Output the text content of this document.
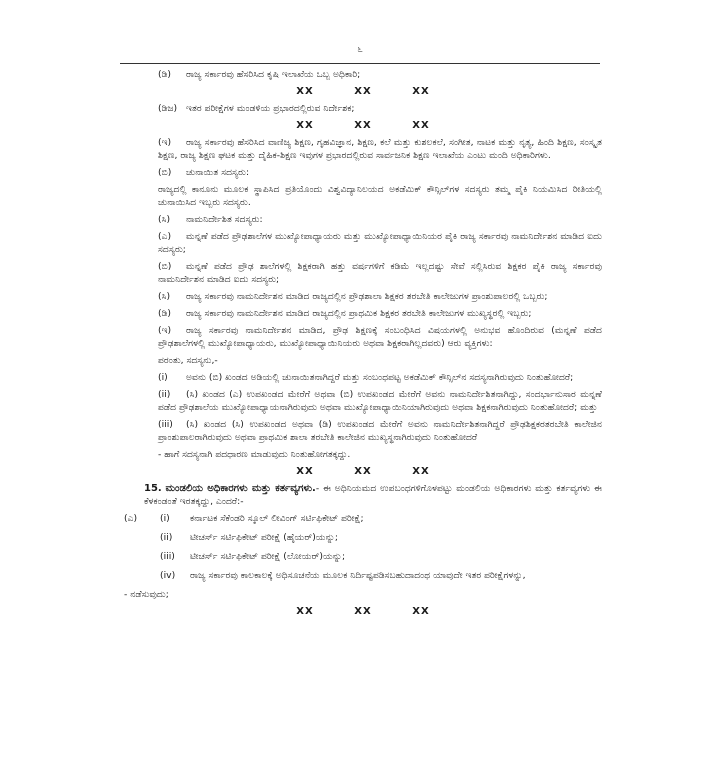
೬

(ಡಿ) ರಾಜ್ಯ ಸರ್ಕಾರವು ಹೆಸರಿಸಿದ ಕೃಷಿ ಇಲಾಖೆಯ ಒಬ್ಬ ಅಧಿಕಾರಿ;

XX	XX	XX

(ಡಿಜ) ಇತರ ಪರೀಕ್ಷೆಗಳ ಮಂಡಳಿಯ ಪ್ರಭಾರದಲ್ಲಿರುವ ನಿರ್ದೇಶಕ;

XX	XX	XX

(ಇ) ರಾಜ್ಯ ಸರ್ಕಾರವು ಹೆಸರಿಸಿದ ವಾಣಿಜ್ಯ ಶಿಕ್ಷಣ, ಗೃಹವಿಜ್ಞಾನ, ಶಿಕ್ಷಣ, ಕಲೆ ಮತ್ತು ಕುಶಲಕಲೆ, ಸಂಗೀತ, ನಾಟಕ ಮತ್ತು ನೃತ್ಯ, ಹಿಂದಿ ಶಿಕ್ಷಣ, ಸಂಸ್ಕೃತ ಶಿಕ್ಷಣ, ರಾಜ್ಯ ಶಿಕ್ಷಣ ಘಟಕ ಮತ್ತು ದೈಹಿಕ-ಶಿಕ್ಷಣ ಇವುಗಳ ಪ್ರಭಾರದಲ್ಲಿರುವ ಸಾರ್ವಜನಿಕ ಶಿಕ್ಷಣ ಇಲಾಖೆಯ ಎಂಟು ಮಂದಿ ಅಧಿಕಾರಿಗಳು.

(ಬಿ) ಚುನಾಯಿತ ಸದಸ್ಯರು:

ರಾಜ್ಯದಲ್ಲಿ ಕಾನೂನು ಮೂಲಕ ಸ್ಥಾಪಿಸಿದ ಪ್ರತಿಯೊಂದು ವಿಶ್ವವಿದ್ಯಾನಿಲಯದ ಅಕಡೆಮಿಕ್ ಕೌನ್ಸಿಲ್‌ಗಳ ಸದಸ್ಯರು ತಮ್ಮ ಪೈಕಿ ನಿಯಮಿಸಿದ ರೀತಿಯಲ್ಲಿ ಚುನಾಯಿಸಿದ ಇಬ್ಬರು ಸದಸ್ಯರು.

(ಸಿ) ನಾಮನಿರ್ದೇಶಿತ ಸದಸ್ಯರು:

(ಎ) ಮನ್ನಣೆ ಪಡೆದ ಪ್ರೌಢಶಾಲೆಗಳ ಮುಖ್ಯೋಪಾಧ್ಯಾಯರು ಮತ್ತು ಮುಖ್ಯೋಪಾಧ್ಯಾಯಿನಿಯರ ಪೈಕಿ ರಾಜ್ಯ ಸರ್ಕಾರವು ನಾಮನಿರ್ದೇಶನ ಮಾಡಿದ ಐದು ಸದಸ್ಯರು;

(ಬಿ) ಮನ್ನಣೆ ಪಡೆದ ಪ್ರೌಢ ಶಾಲೆಗಳಲ್ಲಿ ಶಿಕ್ಷಕರಾಗಿ ಹತ್ತು ವರ್ಷಗಳಿಗೆ ಕಡಿಮೆ ಇಲ್ಲದಷ್ಟು ಸೇವೆ ಸಲ್ಲಿಸಿರುವ ಶಿಕ್ಷಕರ ಪೈಕಿ ರಾಜ್ಯ ಸರ್ಕಾರವು ನಾಮನಿರ್ದೇಶನ ಮಾಡಿದ ಐದು ಸದಸ್ಯರು;

(ಸಿ) ರಾಜ್ಯ ಸರ್ಕಾರವು ನಾಮನಿರ್ದೇಶನ ಮಾಡಿದ ರಾಜ್ಯದಲ್ಲಿನ ಪ್ರೌಢಶಾಲಾ ಶಿಕ್ಷಕರ ತರಬೇತಿ ಕಾಲೇಜುಗಳ ಪ್ರಾಂಶುಪಾಲರಲ್ಲಿ ಒಬ್ಬರು;

(ಡಿ) ರಾಜ್ಯ ಸರ್ಕಾರವು ನಾಮನಿರ್ದೇಶನ ಮಾಡಿದ ರಾಜ್ಯದಲ್ಲಿನ ಪ್ರಾಥಮಿಕ ಶಿಕ್ಷಕರ ತರಬೇತಿ ಕಾಲೇಜುಗಳ ಮುಖ್ಯಸ್ಥರಲ್ಲಿ ಇಬ್ಬರು;

(ಇ) ರಾಜ್ಯ ಸರ್ಕಾರವು ನಾಮನಿರ್ದೇಶನ ಮಾಡಿದ, ಪ್ರೌಢ ಶಿಕ್ಷಣಕ್ಕೆ ಸಂಬಂಧಿಸಿದ ವಿಷಯಗಳಲ್ಲಿ ಅನುಭವ ಹೊಂದಿರುವ (ಮನ್ನಣೆ ಪಡೆದ ಪ್ರೌಢಶಾಲೆಗಳಲ್ಲಿ ಮುಖ್ಯೋಪಾಧ್ಯಾಯರು, ಮುಖ್ಯೋಪಾಧ್ಯಾಯಿನಿಯರು ಅಥವಾ ಶಿಕ್ಷಕರಾಗಿಲ್ಲದವರು) ಆರು ವ್ಯಕ್ತಿಗಳು:

ಪರಂತು, ಸದಸ್ಯನು,-

(i) ಅವನು (ಬಿ) ಖಂಡದ ಅಡಿಯಲ್ಲಿ ಚುನಾಯಿತನಾಗಿದ್ದರೆ ಮತ್ತು ಸಂಬಂಧಪಟ್ಟ ಅಕಡೆಮಿಕ್ ಕೌನ್ಸಿಲ್‌ನ ಸದಸ್ಯನಾಗಿರುವುದು ನಿಂತುಹೋದರೆ;

(ii) (ಸಿ) ಖಂಡದ (ಎ) ಉಪಖಂಡದ ಮೇರೆಗೆ ಅಥವಾ (ಬಿ) ಉಪಖಂಡದ ಮೇರೆಗೆ ಅವನು ನಾಮನಿರ್ದೇಶಿತನಾಗಿದ್ದು, ಸಂದರ್ಭಾನುಸಾರ ಮನ್ನಣೆ ಪಡೆದ ಪ್ರೌಢಶಾಲೆಯ ಮುಖ್ಯೋಪಾಧ್ಯಾಯನಾಗಿರುವುದು ಅಥವಾ ಮುಖ್ಯೋಪಾಧ್ಯಾಯಿನಿಯಾಗಿರುವುದು ಅಥವಾ ಶಿಕ್ಷಕನಾಗಿರುವುದು ನಿಂತುಹೋದರೆ; ಮತ್ತು

(iii) (ಸಿ) ಖಂಡದ (ಸಿ) ಉಪಖಂಡದ ಅಥವಾ (ಡಿ) ಉಪಖಂಡದ ಮೇರೆಗೆ ಅವನು ನಾಮನಿರ್ದೇಶಿತನಾಗಿದ್ದರೆ ಪ್ರೌಢಶಿಕ್ಷಕರತರಬೇತಿ ಕಾಲೇಜಿನ ಪ್ರಾಂಶುಪಾಲರಾಗಿರುವುದು ಅಥವಾ ಪ್ರಾಥಮಿಕ ಶಾಲಾ ತರಬೇತಿ ಕಾಲೇಜಿನ ಮುಖ್ಯಸ್ಥನಾಗಿರುವುದು ನಿಂತುಹೋದರೆ

- ಹಾಗೆ ಸದಸ್ಯನಾಗಿ ಪದಧಾರಣ ಮಾಡುವುದು ನಿಂತುಹೋಗತಕ್ಕದ್ದು.

XX	XX	XX

15. ಮಂಡಲಿಯ ಅಧಿಕಾರಗಳು ಮತ್ತು ಕರ್ತವ್ಯಗಳು.- ಈ ಅಧಿನಿಯಮದ ಉಪಬಂಧಗಳಿಗೊಳಪಟ್ಟು ಮಂಡಲಿಯ ಅಧಿಕಾರಗಳು ಮತ್ತು ಕರ್ತವ್ಯಗಳು ಈ ಕೆಳಕಂಡಂತೆ ಇರತಕ್ಕದ್ದು, ಎಂದರೆ:-

(ಎ)	(i)	ಕರ್ನಾಟಕ ಸೆಕೆಂಡರಿ ಸ್ಕೂಲ್ ಲೀವಿಂಗ್ ಸರ್ಟಿಫಿಕೇಟ್ ಪರೀಕ್ಷೆ;
(ii)	ಟೀಚರ್ಸ್ ಸರ್ಟಿಫಿಕೇಟ್ ಪರೀಕ್ಷೆ (ಹೈಯರ್)ಯನ್ನು;
(iii)	ಟೀಚರ್ಸ್ ಸರ್ಟಿಫಿಕೇಟ್ ಪರೀಕ್ಷೆ (ಲೋಯರ್)ಯನ್ನು;
(iv)	ರಾಜ್ಯ ಸರ್ಕಾರವು ಕಾಲಕಾಲಕ್ಕೆ ಅಧಿಸೂಚನೆಯ ಮೂಲಕ ನಿರ್ದಿಷ್ಟಪಡಿಸಬಹುದಾದಂಥ ಯಾವುದೇ ಇತರ ಪರೀಕ್ಷೆಗಳನ್ನು,

- ನಡೆಸುವುದು;

XX	XX	XX
